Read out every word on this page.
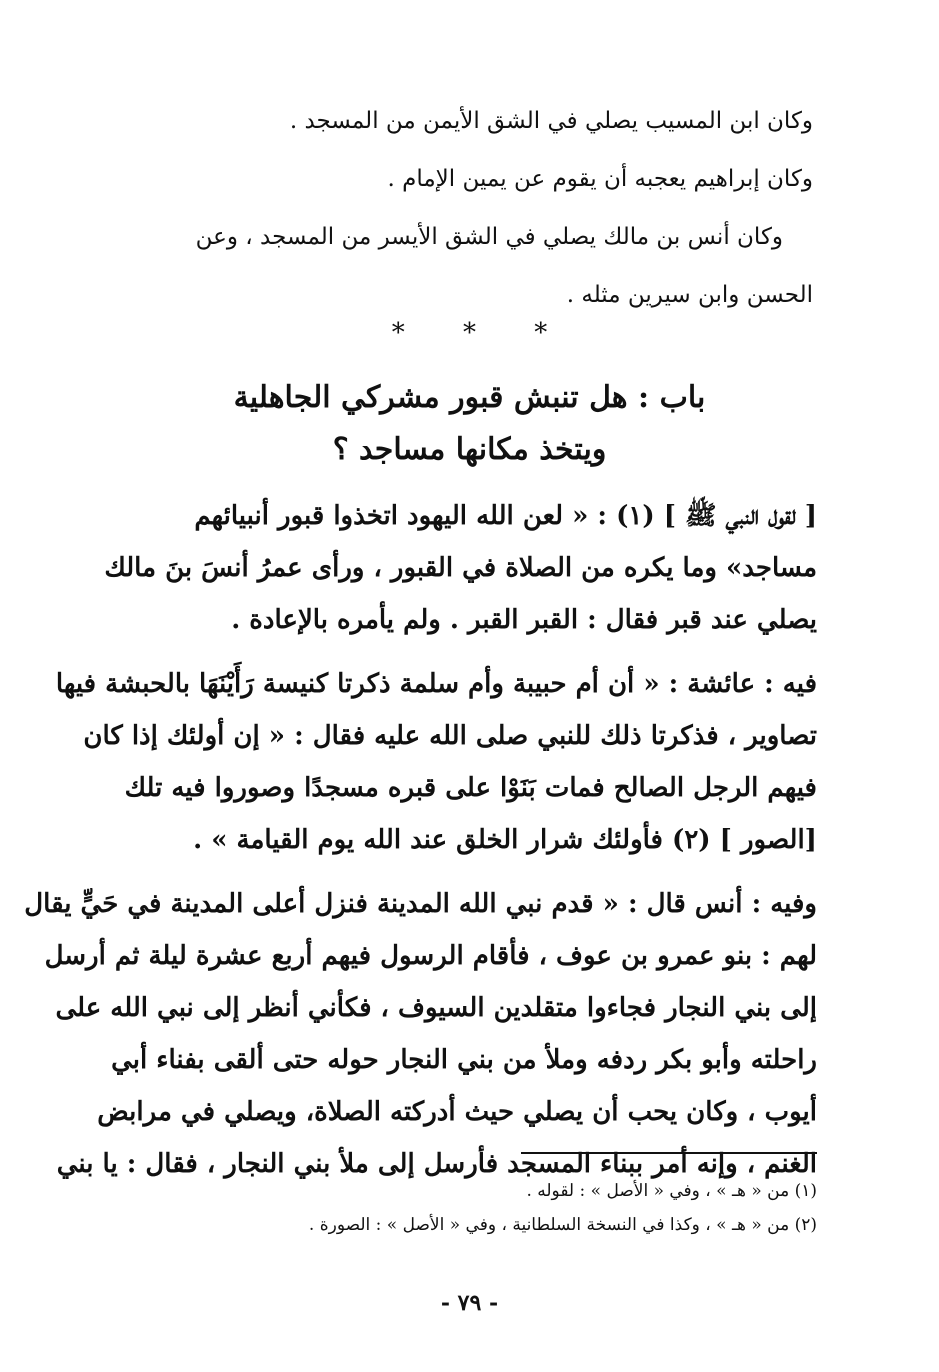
وكان ابن المسيب يصلي في الشق الأيمن من المسجد .
وكان إبراهيم يعجبه أن يقوم عن يمين الإمام .
وكان أنس بن مالك يصلي في الشق الأيسر من المسجد ، وعن
الحسن وابن سيرين مثله .
* * *
باب : هل تنبش قبور مشركي الجاهلية
ويتخذ مكانها مساجد ؟
[ لقول النبي ﷺ ] (١) : « لعن الله اليهود اتخذوا قبور أنبيائهم
مساجد» وما يكره من الصلاة في القبور ، ورأى عمرُ أنسَ بنَ مالك
يصلي عند قبر فقال : القبر القبر . ولم يأمره بالإعادة .
فيه : عائشة : « أن أم حبيبة وأم سلمة ذكرتا كنيسة رَأَيْنَهَا بالحبشة فيها
تصاوير ، فذكرتا ذلك للنبي صلى الله عليه فقال : « إن أولئك إذا كان
فيهم الرجل الصالح فمات بَنَوْا على قبره مسجدًا وصوروا فيه تلك
[الصور ] (٢) فأولئك شرار الخلق عند الله يوم القيامة » .
وفيه : أنس قال : « قدم نبي الله المدينة فنزل أعلى المدينة في حَيٍّ يقال
لهم : بنو عمرو بن عوف ، فأقام الرسول فيهم أربع عشرة ليلة ثم أرسل
إلى بني النجار فجاءوا متقلدين السيوف ، فكأني أنظر إلى نبي الله على
راحلته وأبو بكر ردفه وملأ من بني النجار حوله حتى ألقى بفناء أبي
أيوب ، وكان يحب أن يصلي حيث أدركته الصلاة، ويصلي في مرابض
الغنم ، وإنه أمر ببناء المسجد فأرسل إلى ملأ بني النجار ، فقال : يا بني
(١) من « هـ » ، وفي « الأصل » : لقوله .
(٢) من « هـ » ، وكذا في النسخة السلطانية ، وفي « الأصل » : الصورة .
- ٧٩ -
